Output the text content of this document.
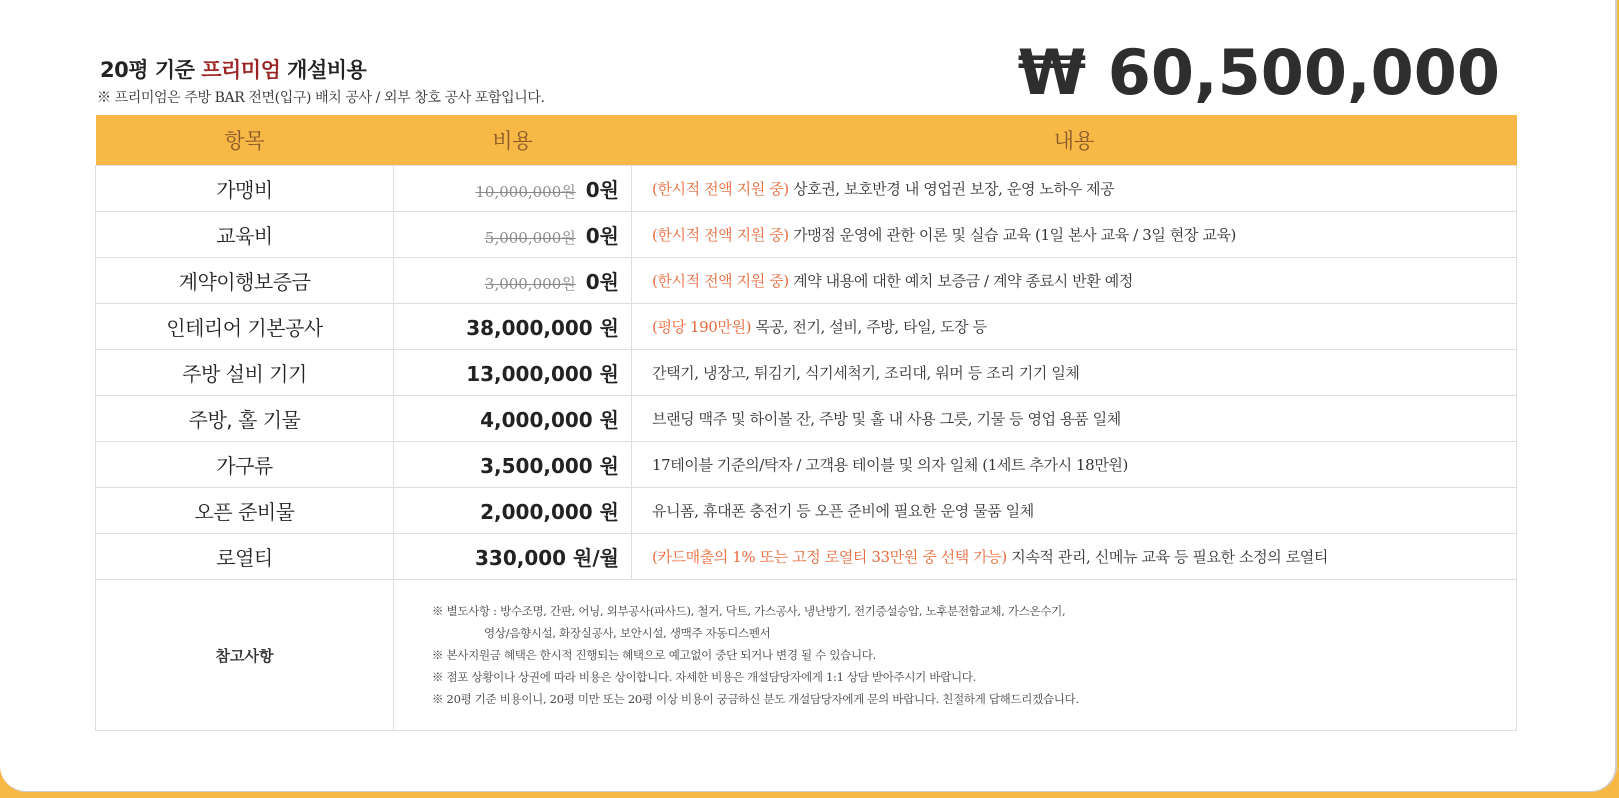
20평 기준 프리미엄 개설비용
※ 프리미엄은 주방 BAR 전면(입구) 배치 공사 / 외부 창호 공사 포함입니다.	₩ 60,500,000
항목	비용	내용
가맹비	10,000,000원 0원	(한시적 전액 지원 중) 상호권, 보호반경 내 영업권 보장, 운영 노하우 제공
교육비	5,000,000원 0원	(한시적 전액 지원 중) 가맹점 운영에 관한 이론 및 실습 교육 (1일 본사 교육 / 3일 현장 교육)
계약이행보증금	3,000,000원 0원	(한시적 전액 지원 중) 계약 내용에 대한 예치 보증금 / 계약 종료시 반환 예정
인테리어 기본공사	38,000,000 원	(평당 190만원) 목공, 전기, 설비, 주방, 타일, 도장 등
주방 설비 기기	13,000,000 원	간택기, 냉장고, 튀김기, 식기세척기, 조리대, 워머 등 조리 기기 일체
주방, 홀 기물	4,000,000 원	브랜딩 맥주 및 하이볼 잔, 주방 및 홀 내 사용 그릇, 기물 등 영업 용품 일체
가구류	3,500,000 원	17테이블 기준의/탁자 / 고객용 테이블 및 의자 일체 (1세트 추가시 18만원)
오픈 준비물	2,000,000 원	유니폼, 휴대폰 충전기 등 오픈 준비에 필요한 운영 물품 일체
로열티	330,000 원/월	(카드매출의 1% 또는 고정 로열티 33만원 중 선택 가능) 지속적 관리, 신메뉴 교육 등 필요한 소정의 로열티
참고사항	※ 별도사항 : 방수조명, 간판, 어닝, 외부공사(파사드), 철거, 닥트, 가스공사, 냉난방기, 전기증설승압, 노후분전함교체, 가스온수기,
영상/음향시설, 화장실공사, 보안시설, 생맥주 자동디스펜서
※ 본사지원금 혜택은 한시적 진행되는 혜택으로 예고없이 중단 되거나 변경 될 수 있습니다.
※ 점포 상황이나 상권에 따라 비용은 상이합니다. 자세한 비용은 개설담당자에게 1:1 상담 받아주시기 바랍니다.
※ 20평 기준 비용이니, 20평 미만 또는 20평 이상 비용이 궁금하신 분도 개설담당자에게 문의 바랍니다. 친절하게 답해드리겠습니다.	
